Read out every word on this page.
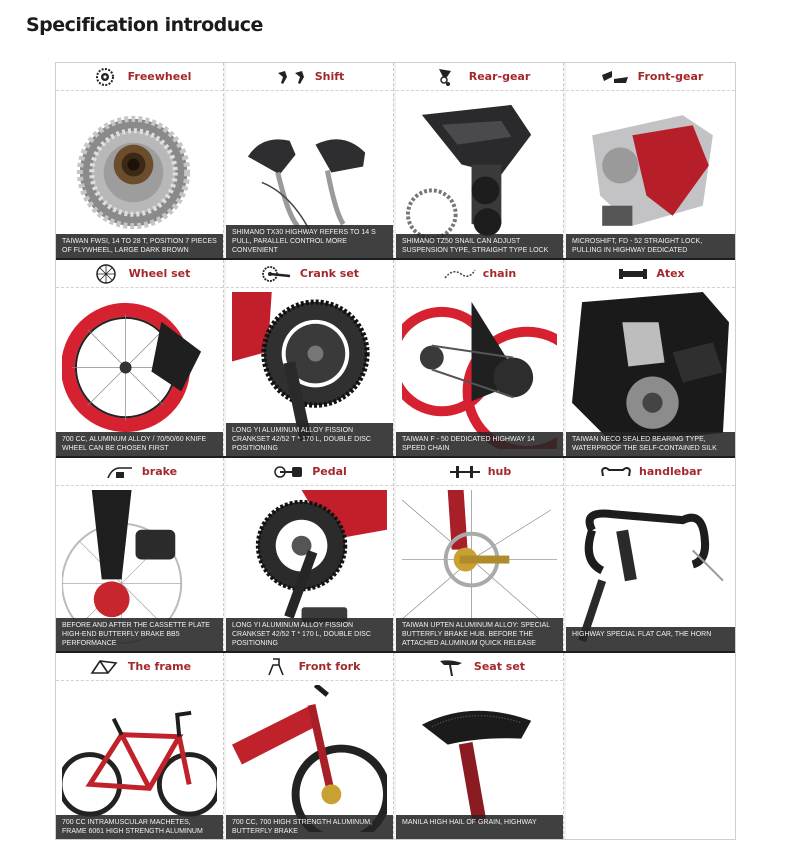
Specification introduce
Freewheel
TAIWAN FWSI, 14 TO 28 T, POSITION 7 PIECES OF FLYWHEEL, LARGE DARK BROWN
Shift
SHIMANO TX30 HIGHWAY REFERS TO 14 S PULL, PARALLEL CONTROL MORE CONVENIENT
Rear-gear
SHIMANO TZ50 SNAIL CAN ADJUST SUSPENSION TYPE, STRAIGHT TYPE LOCK
Front-gear
MICROSHIFT, FD - 52 STRAIGHT LOCK, PULLING IN HIGHWAY DEDICATED
Wheel set
700 CC, ALUMINUM ALLOY / 70/50/60 KNIFE WHEEL CAN BE CHOSEN FIRST
Crank set
LONG YI ALUMINUM ALLOY FISSION CRANKSET 42/52 T * 170 L, DOUBLE DISC POSITIONING
chain
TAIWAN F - 50 DEDICATED HIGHWAY 14 SPEED CHAIN
Atex
TAIWAN NECO SEALED BEARING TYPE, WATERPROOF THE SELF-CONTAINED SILK
brake
BEFORE AND AFTER THE CASSETTE PLATE HIGH-END BUTTERFLY BRAKE BB5 PERFORMANCE
Pedal
LONG YI ALUMINUM ALLOY FISSION CRANKSET 42/52 T * 170 L, DOUBLE DISC POSITIONING
hub
TAIWAN UPTEN ALUMINUM ALLOY: SPECIAL BUTTERFLY BRAKE HUB. BEFORE THE ATTACHED ALUMINUM QUICK RELEASE
handlebar
HIGHWAY SPECIAL FLAT CAR, THE HORN
The frame
700 CC INTRAMUSCULAR MACHETES, FRAME 6061 HIGH STRENGTH ALUMINUM
Front fork
700 CC, 700 HIGH STRENGTH ALUMINUM, BUTTERFLY BRAKE
Seat set
MANILA HIGH HAIL OF GRAIN, HIGHWAY
